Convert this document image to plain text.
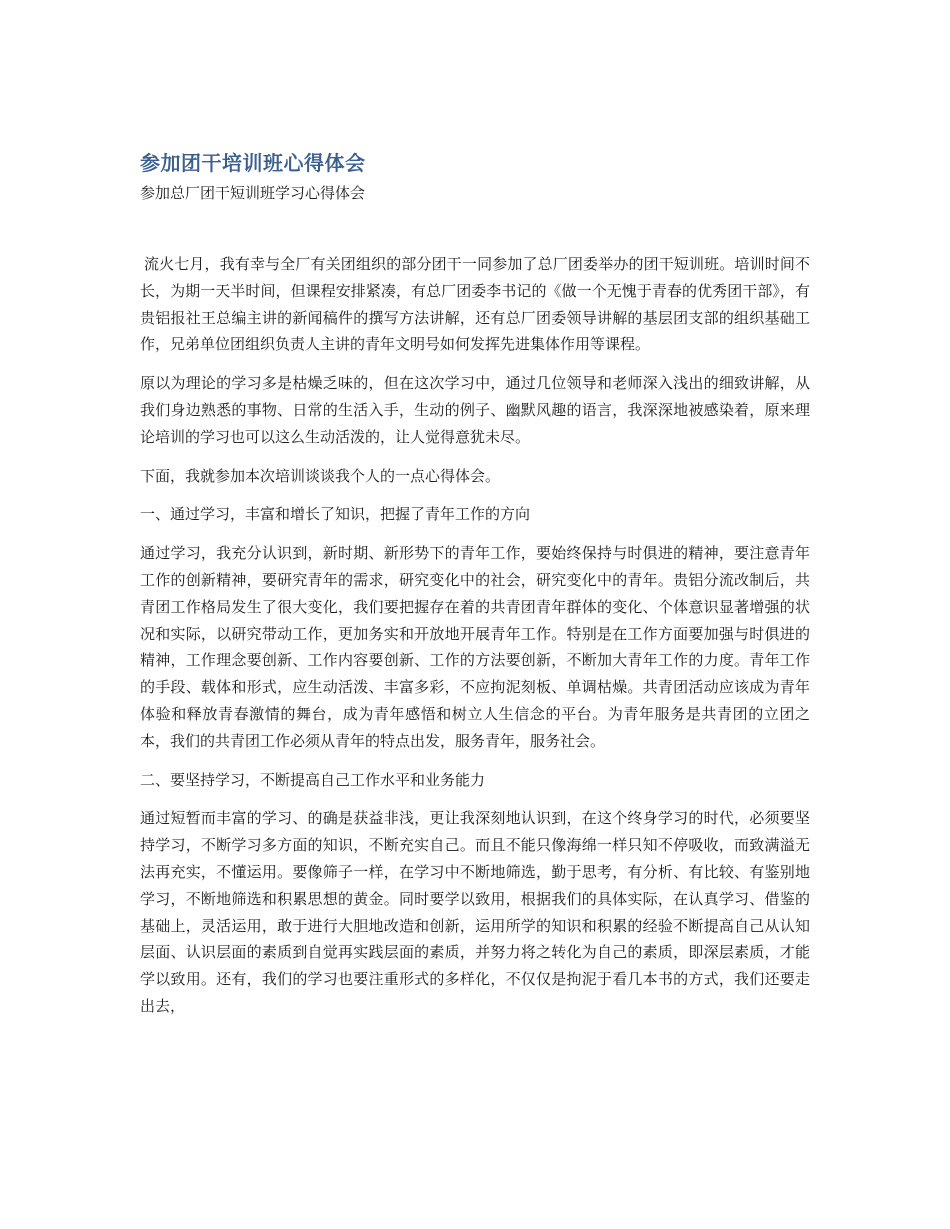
参加团干培训班心得体会

参加总厂团干短训班学习心得体会

流火七月，我有幸与全厂有关团组织的部分团干一同参加了总厂团委举办的团干短训班。培训时间不长，为期一天半时间，但课程安排紧凑，有总厂团委李书记的《做一个无愧于青春的优秀团干部》，有贵铝报社王总编主讲的新闻稿件的撰写方法讲解，还有总厂团委领导讲解的基层团支部的组织基础工作，兄弟单位团组织负责人主讲的青年文明号如何发挥先进集体作用等课程。

原以为理论的学习多是枯燥乏味的，但在这次学习中，通过几位领导和老师深入浅出的细致讲解，从我们身边熟悉的事物、日常的生活入手，生动的例子、幽默风趣的语言，我深深地被感染着，原来理论培训的学习也可以这么生动活泼的，让人觉得意犹未尽。

下面，我就参加本次培训谈谈我个人的一点心得体会。

一、通过学习，丰富和增长了知识，把握了青年工作的方向

通过学习，我充分认识到，新时期、新形势下的青年工作，要始终保持与时俱进的精神，要注意青年工作的创新精神，要研究青年的需求，研究变化中的社会，研究变化中的青年。贵铝分流改制后，共青团工作格局发生了很大变化，我们要把握存在着的共青团青年群体的变化、个体意识显著增强的状况和实际，以研究带动工作，更加务实和开放地开展青年工作。特别是在工作方面要加强与时俱进的精神，工作理念要创新、工作内容要创新、工作的方法要创新，不断加大青年工作的力度。青年工作的手段、载体和形式，应生动活泼、丰富多彩，不应拘泥刻板、单调枯燥。共青团活动应该成为青年体验和释放青春激情的舞台，成为青年感悟和树立人生信念的平台。为青年服务是共青团的立团之本，我们的共青团工作必须从青年的特点出发，服务青年，服务社会。

二、要坚持学习，不断提高自己工作水平和业务能力

通过短暂而丰富的学习、的确是获益非浅，更让我深刻地认识到，在这个终身学习的时代，必须要坚持学习，不断学习多方面的知识，不断充实自己。而且不能只像海绵一样只知不停吸收，而致满溢无法再充实，不懂运用。要像筛子一样，在学习中不断地筛选，勤于思考，有分析、有比较、有鉴别地学习，不断地筛选和积累思想的黄金。同时要学以致用，根据我们的具体实际，在认真学习、借鉴的基础上，灵活运用，敢于进行大胆地改造和创新，运用所学的知识和积累的经验不断提高自己从认知层面、认识层面的素质到自觉再实践层面的素质，并努力将之转化为自己的素质，即深层素质，才能学以致用。还有，我们的学习也要注重形式的多样化，不仅仅是拘泥于看几本书的方式，我们还要走出去，
